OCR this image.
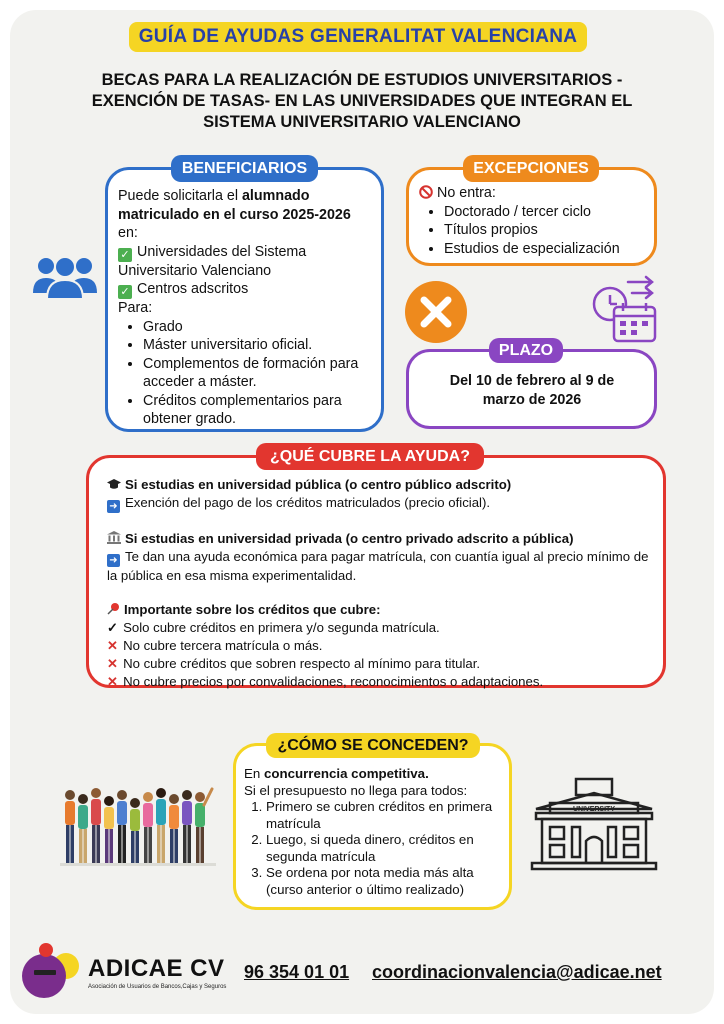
GUÍA DE AYUDAS GENERALITAT VALENCIANA
BECAS PARA LA REALIZACIÓN DE ESTUDIOS UNIVERSITARIOS -
EXENCIÓN DE TASAS- EN LAS UNIVERSIDADES QUE INTEGRAN EL
SISTEMA UNIVERSITARIO VALENCIANO
Puede solicitarla el alumnado matriculado en el curso 2025-2026
en:
✓ Universidades del Sistema Universitario Valenciano
✓ Centros adscritos
Para:
• Grado
• Máster universitario oficial.
• Complementos de formación para acceder a máster.
• Créditos complementarios para obtener grado.
BENEFICIARIOS
No entra:
• Doctorado / tercer ciclo
• Títulos propios
• Estudios de especialización
EXCEPCIONES
Del 10 de febrero al 9 de marzo de 2026
PLAZO
Si estudias en universidad pública (o centro público adscrito)
➜ Exención del pago de los créditos matriculados (precio oficial).
Si estudias en universidad privada (o centro privado adscrito a pública)
➜ Te dan una ayuda económica para pagar matrícula, con cuantía igual al precio mínimo de la pública en esa misma experimentalidad.
Importante sobre los créditos que cubre:
✓ Solo cubre créditos en primera y/o segunda matrícula.
✕ No cubre tercera matrícula o más.
✕ No cubre créditos que sobren respecto al mínimo para titular.
✕ No cubre precios por convalidaciones, reconocimientos o adaptaciones.
¿QUÉ CUBRE LA AYUDA?
En concurrencia competitiva.
Si el presupuesto no llega para todos:
1. Primero se cubren créditos en primera matrícula
2. Luego, si queda dinero, créditos en segunda matrícula
3. Se ordena por nota media más alta (curso anterior o último realizado)
¿CÓMO SE CONCEDEN?
UNIVERSITY
ADICAE CV
Asociación de Usuarios de Bancos,Cajas y Seguros
96 354 01 01 coordinacionvalencia@adicae.net
